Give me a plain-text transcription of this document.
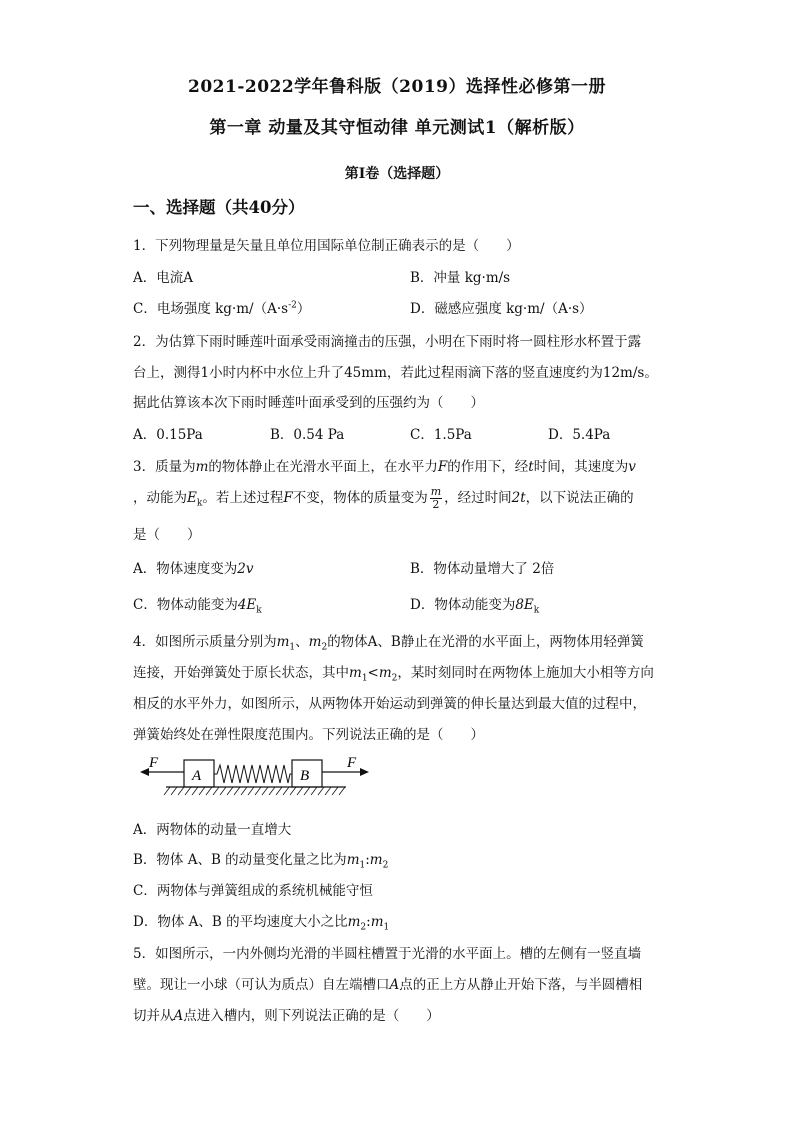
2021-2022学年鲁科版（2019）选择性必修第一册
第一章 动量及其守恒动律 单元测试1（解析版）
第Ⅰ卷（选择题）
一、选择题（共40分）
1．下列物理量是矢量且单位用国际单位制正确表示的是（　　）
A．电流A	B．冲量 kg·m/s
C．电场强度 $kg\cdot m/(A\cdot s^{-2})$	D．磁感应强度 kg·m/（A·s）
2．为估算下雨时睡莲叶面承受雨滴撞击的压强，小明在下雨时将一圆柱形水杯置于露
台上，测得1小时内杯中水位上升了45mm，若此过程雨滴下落的竖直速度约为12m/s。
据此估算该本次下雨时睡莲叶面承受到的压强约为（　　）
A．0.15Pa	B．0.54 Pa	C．1.5Pa	D．5.4Pa
3．质量为m的物体静止在光滑水平面上，在水平力F的作用下，经t时间，其速度为v
，动能为$E_k$。若上述过程F不变，物体的质量变为 $\frac{m}{2}$ ，经过时间2t，以下说法正确的
是（　　）
A．物体速度变为2v	B．物体动量增大了 2倍
C．物体动能变为$4E_k$	D．物体动能变为$8E_k$
4．如图所示质量分别为$m_1$、$m_2$的物体A、B静止在光滑的水平面上，两物体用轻弹簧
连接，开始弹簧处于原长状态，其中$m_1<m_2$，某时刻同时在两物体上施加大小相等方向
相反的水平外力，如图所示，从两物体开始运动到弹簧的伸长量达到最大值的过程中，
弹簧始终处在弹性限度范围内。下列说法正确的是（　　）
F
A	B
F
A．两物体的动量一直增大
B．物体 A、B 的动量变化量之比为$m_1:m_2$
C．两物体与弹簧组成的系统机械能守恒
D．物体 A、B 的平均速度大小之比$m_2:m_1$
5．如图所示，一内外侧均光滑的半圆柱槽置于光滑的水平面上。槽的左侧有一竖直墙
壁。现让一小球（可认为质点）自左端槽口A点的正上方从静止开始下落，与半圆槽相
切并从A点进入槽内，则下列说法正确的是（　　）
